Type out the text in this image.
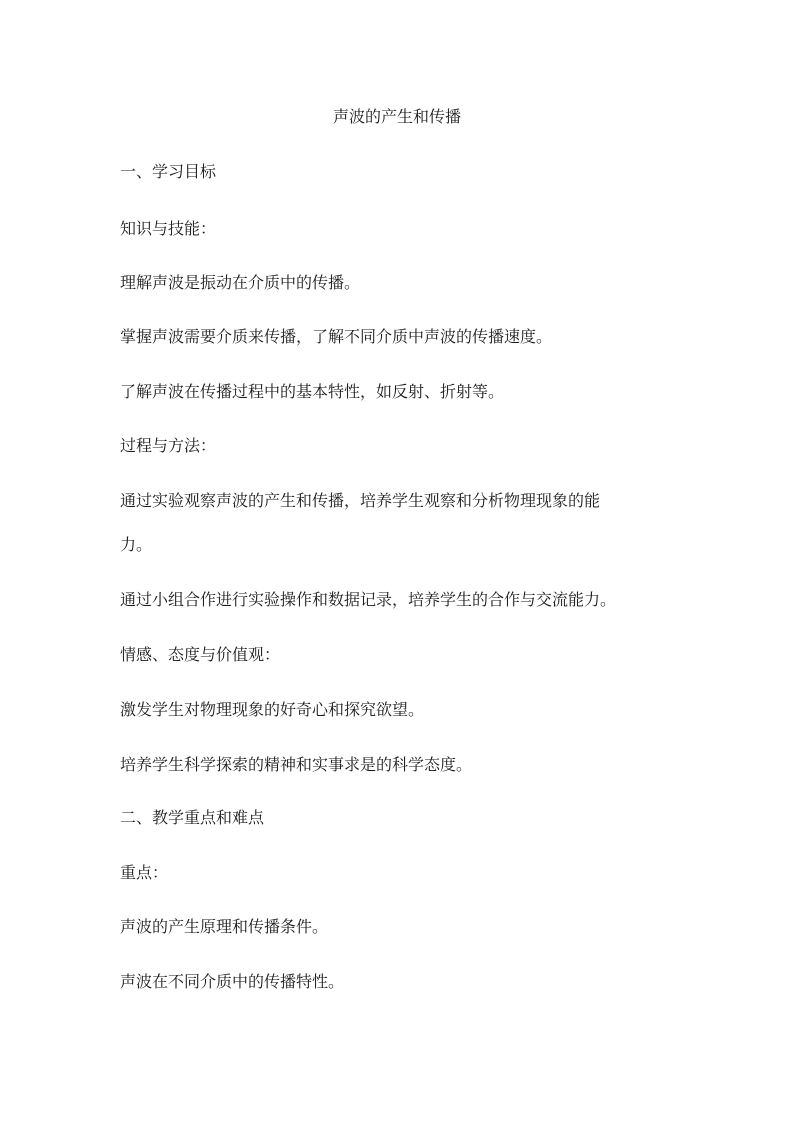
声波的产生和传播
一、学习目标
知识与技能：
理解声波是振动在介质中的传播。
掌握声波需要介质来传播，了解不同介质中声波的传播速度。
了解声波在传播过程中的基本特性，如反射、折射等。
过程与方法：
通过实验观察声波的产生和传播，培养学生观察和分析物理现象的能
力。
通过小组合作进行实验操作和数据记录，培养学生的合作与交流能力。
情感、态度与价值观：
激发学生对物理现象的好奇心和探究欲望。
培养学生科学探索的精神和实事求是的科学态度。
二、教学重点和难点
重点：
声波的产生原理和传播条件。
声波在不同介质中的传播特性。
